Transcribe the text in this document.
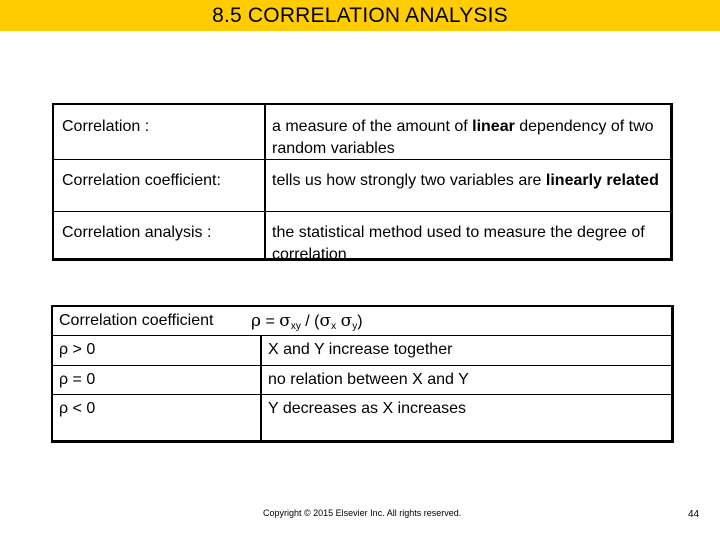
8.5 CORRELATION ANALYSIS
Correlation :	a measure of the amount of linear dependency of two random variables
Correlation coefficient:	tells us how strongly two variables are linearly related
Correlation analysis :	the statistical method used to measure the degree of correlation
Correlation coefficient $\rho = \sigma_{xy} / (\sigma_x$ $\sigma_y$)
ρ > 0	X and Y increase together
ρ = 0	no relation between X and Y
ρ < 0	Y decreases as X increases
Copyright © 2015 Elsevier Inc. All rights reserved.	44
